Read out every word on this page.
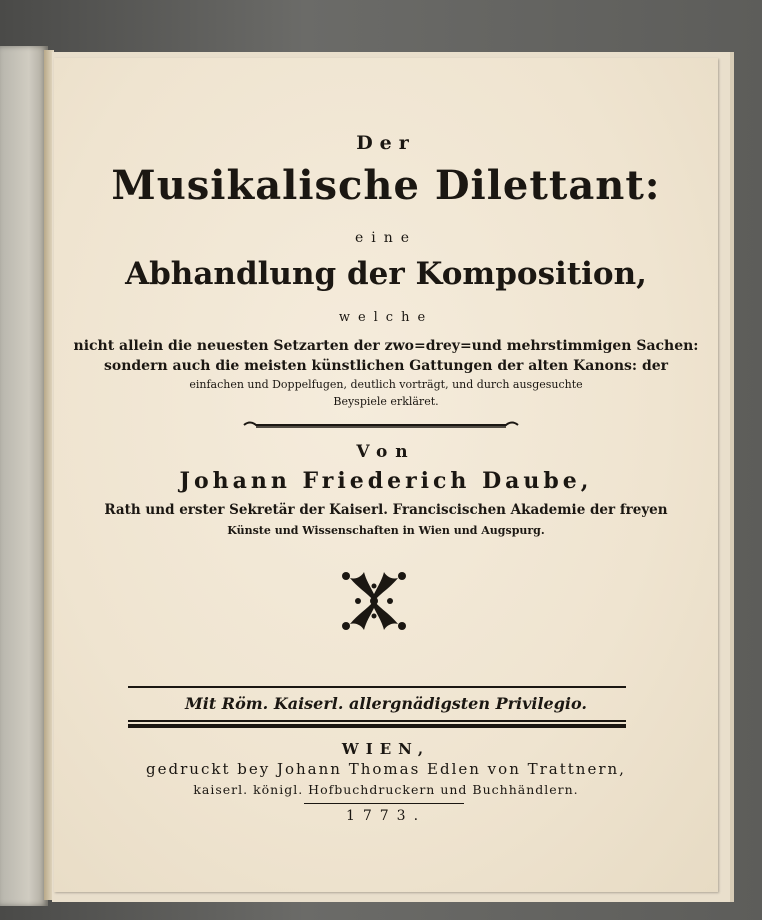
Der
Musikalische Dilettant:
eine
Abhandlung der Komposition,
welche
nicht allein die neuesten Setzarten der zwo=drey=und mehrstimmigen Sachen:
sondern auch die meisten künstlichen Gattungen der alten Kanons: der
einfachen und Doppelfugen, deutlich vorträgt, und durch ausgesuchte
Beyspiele erkläret.
Von
Johann Friederich Daube,
Rath und erster Sekretär der Kaiserl. Franciscischen Akademie der freyen
Künste und Wissenschaften in Wien und Augspurg.
Mit Röm. Kaiserl. allergnädigsten Privilegio.
WIEN,
gedruckt bey Johann Thomas Edlen von Trattnern,
kaiserl. königl. Hofbuchdruckern und Buchhändlern.
1773.
